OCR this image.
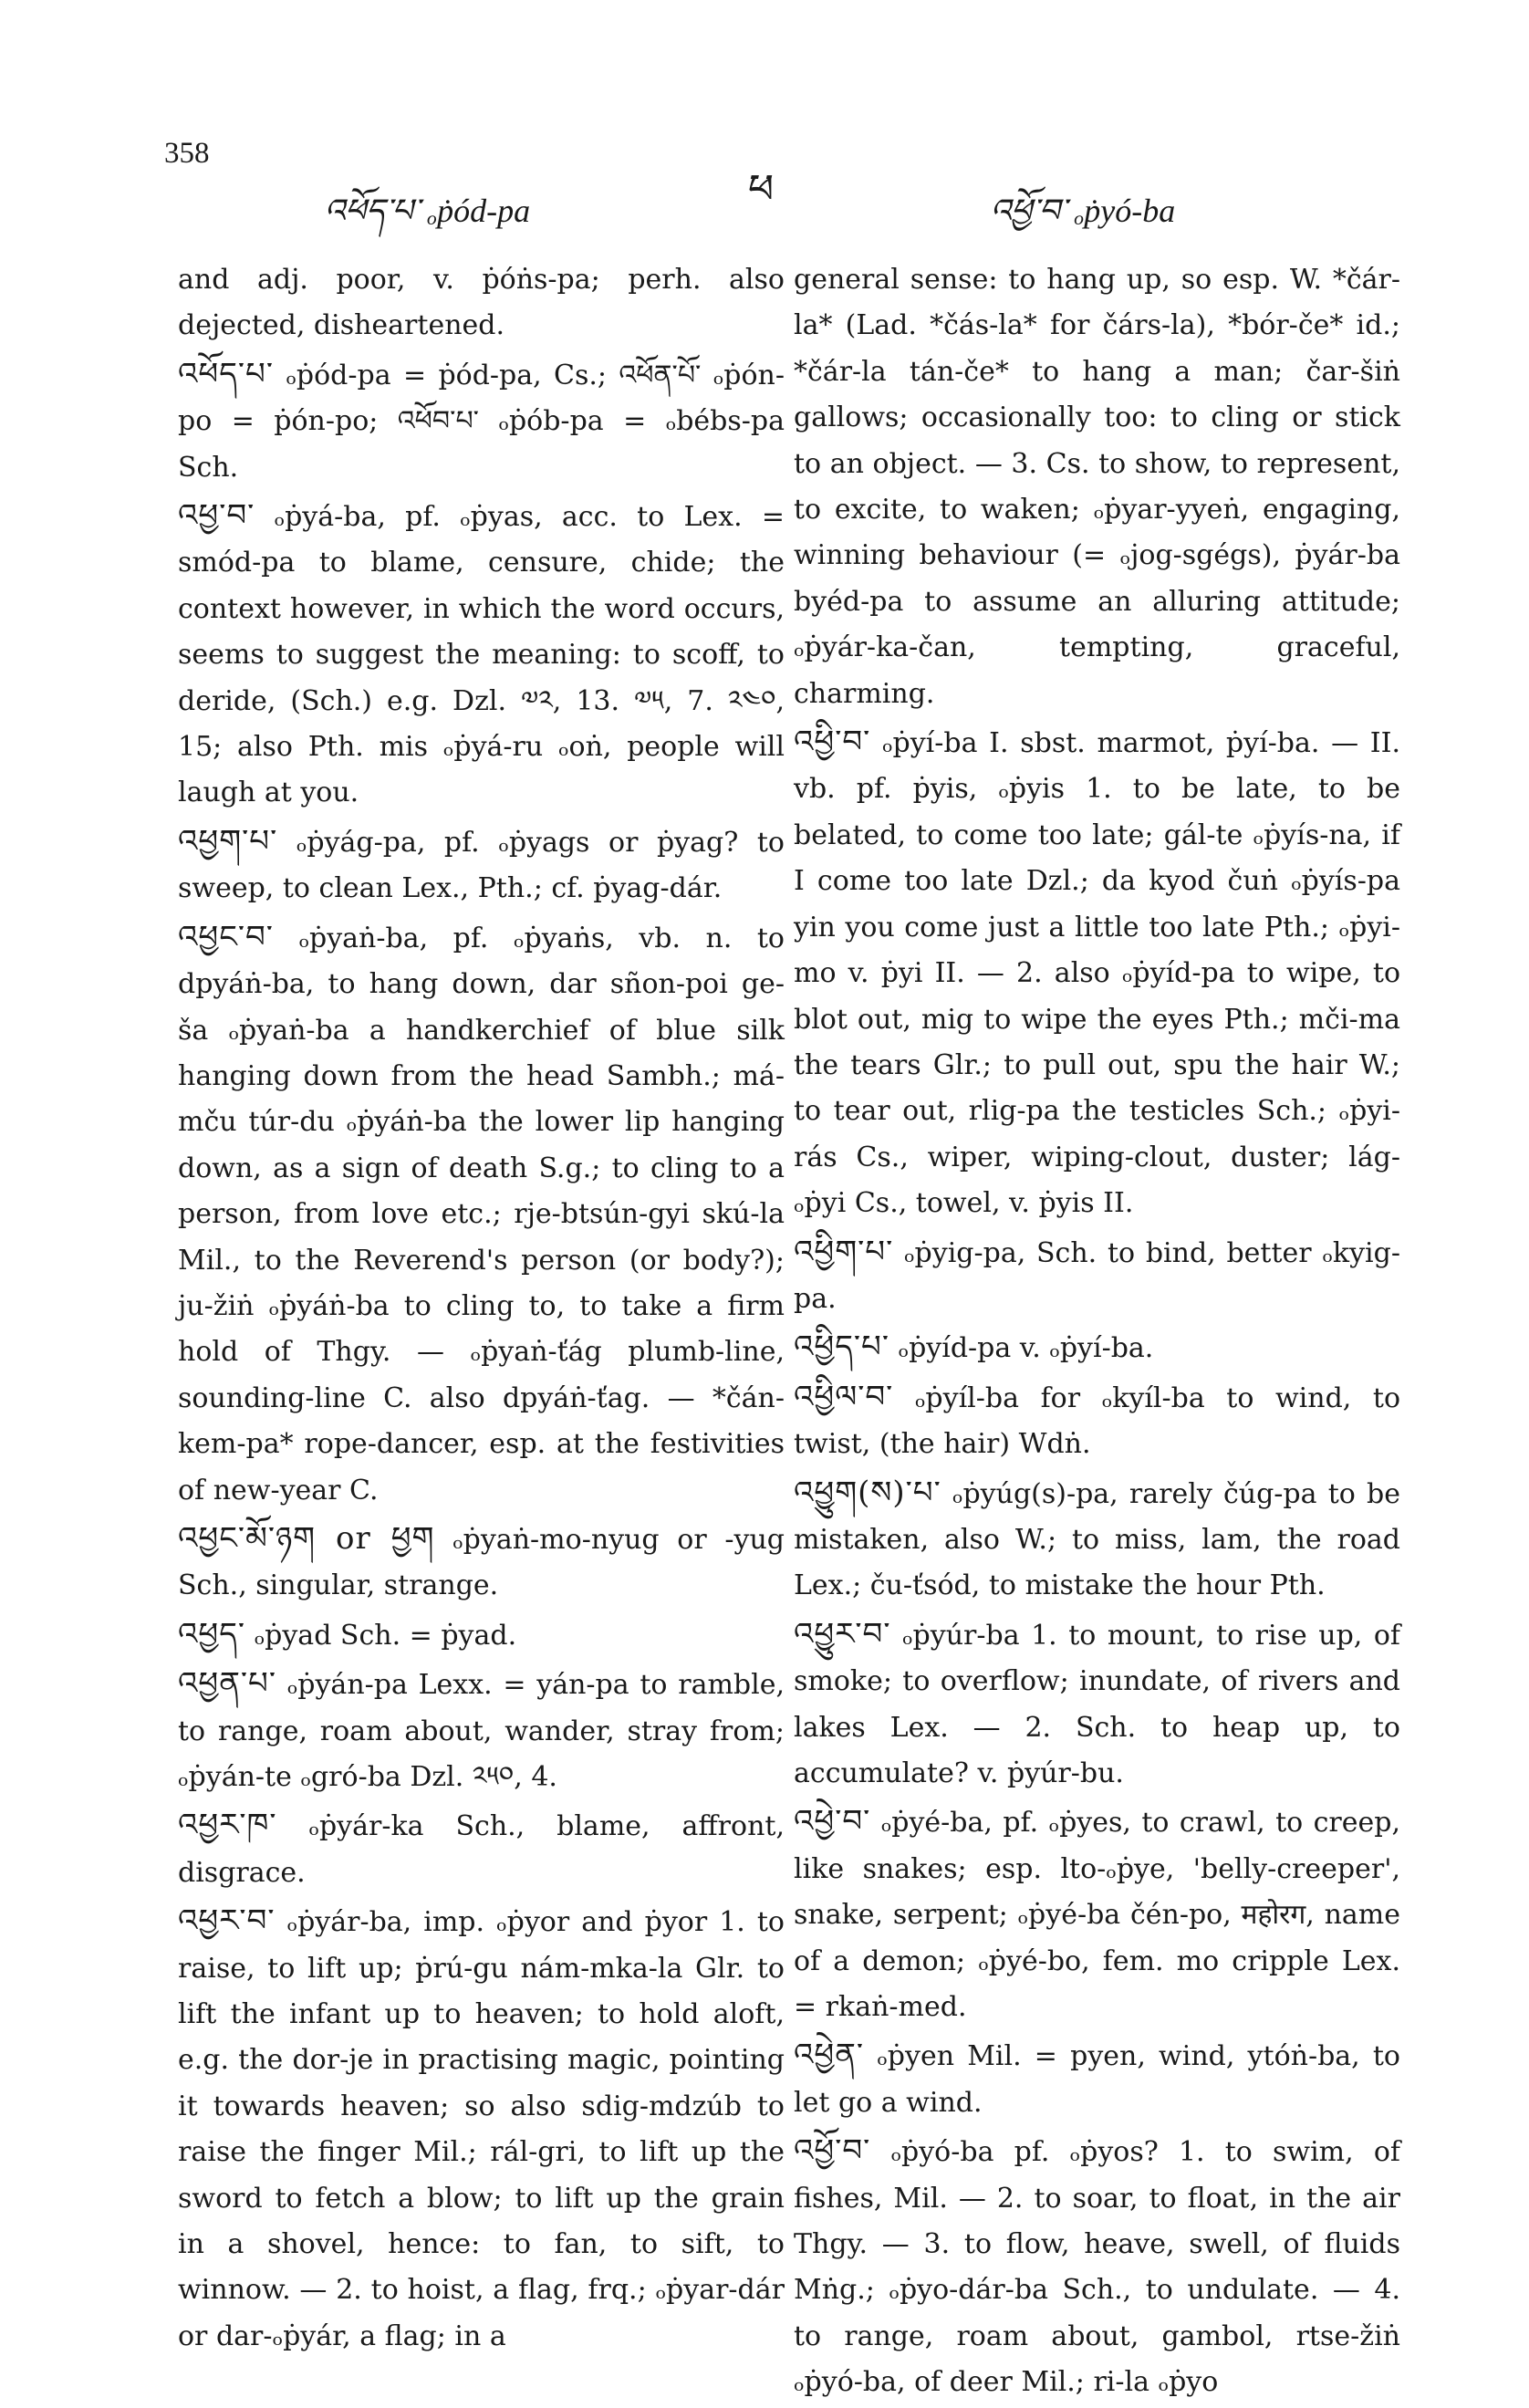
358
འཕོད་པ་ ₒṗód-pa	ཕ	འཕྱོ་བ་ ₒṗyó-ba

and adj. poor, v. ṗóṅs-pa; perh. also dejected, disheartened.

འཕོད་པ་ ₒṗód-pa = ṗód-pa, Cs.; འཕོན་པོ་ ₒṗón-po = ṗón-po; འཕོབ་པ་ ₒṗób-pa = ₒbébs-pa Sch.

འཕྱ་བ་ ₒṗyá-ba, pf. ₒṗyas, acc. to Lex. = smód-pa to blame, censure, chide; the context however, in which the word occurs, seems to suggest the meaning: to scoff, to deride, (Sch.) e.g. Dzl. ༧༢, 13. ༧༥, 7. ༢༤༠, 15; also Pth. mis ₒṗyá-ru ₒoṅ, people will laugh at you.

འཕྱག་པ་ ₒṗyág-pa, pf. ₒṗyags or ṗyag? to sweep, to clean Lex., Pth.; cf. ṗyag-dár.

འཕྱང་བ་ ₒṗyaṅ-ba, pf. ₒṗyaṅs, vb. n. to dpyáṅ-ba, to hang down, dar sñon-poi ge-ša ₒṗyaṅ-ba a handkerchief of blue silk hanging down from the head Sambh.; má-mču túr-du ₒṗyáṅ-ba the lower lip hanging down, as a sign of death S.g.; to cling to a person, from love etc.; rje-btsún-gyi skú-la Mil., to the Reverend's person (or body?); ju-žiṅ ₒṗyáṅ-ba to cling to, to take a firm hold of Thgy. — ₒṗyaṅ-ťág plumb-line, sounding-line C. also dpyáṅ-ťag. — *čán-kem-pa* rope-dancer, esp. at the festivities of new-year C.

འཕྱང་མོ་ཉག or ཕྱག ₒṗyaṅ-mo-nyug or -yug Sch., singular, strange.

འཕྱད་ ₒṗyad Sch. = ṗyad.

འཕྱན་པ་ ₒṗyán-pa Lexx. = yán-pa to ramble, to range, roam about, wander, stray from; ₒṗyán-te ₒgró-ba Dzl. ༢༥༠, 4.

འཕྱར་ཁ་ ₒṗyár-ka Sch., blame, affront, disgrace.

འཕྱར་བ་ ₒṗyár-ba, imp. ₒṗyor and ṗyor 1. to raise, to lift up; ṗrú-gu nám-mka-la Glr. to lift the infant up to heaven; to hold aloft, e.g. the dor-je in practising magic, pointing it towards heaven; so also sdig-mdzúb to raise the finger Mil.; rál-gri, to lift up the sword to fetch a blow; to lift up the grain in a shovel, hence: to fan, to sift, to winnow. — 2. to hoist, a flag, frq.; ₒṗyar-dár or dar-ₒṗyár, a flag; in a

general sense: to hang up, so esp. W. *čár-la* (Lad. *čás-la* for čárs-la), *bór-če* id.; *čár-la tán-če* to hang a man; čar-šiṅ gallows; occasionally too: to cling or stick to an object. — 3. Cs. to show, to represent, to excite, to waken; ₒṗyar-yyeṅ, engaging, winning behaviour (= ₒjog-sgégs), ṗyár-ba byéd-pa to assume an alluring attitude; ₒṗyár-ka-čan, tempting, graceful, charming.

འཕྱི་བ་ ₒṗyí-ba I. sbst. marmot, ṗyí-ba. — II. vb. pf. ṗyis, ₒṗyis 1. to be late, to be belated, to come too late; gál-te ₒṗyís-na, if I come too late Dzl.; da kyod čuṅ ₒṗyís-pa yin you come just a little too late Pth.; ₒṗyi-mo v. ṗyi II. — 2. also ₒṗyíd-pa to wipe, to blot out, mig to wipe the eyes Pth.; mči-ma the tears Glr.; to pull out, spu the hair W.; to tear out, rlig-pa the testicles Sch.; ₒṗyi-rás Cs., wiper, wiping-clout, duster; lág-ₒṗyi Cs., towel, v. ṗyis II.

འཕྱིག་པ་ ₒṗyig-pa, Sch. to bind, better ₒkyig-pa.

འཕྱིད་པ་ ₒṗyíd-pa v. ₒṗyí-ba.

འཕྱིལ་བ་ ₒṗyíl-ba for ₒkyíl-ba to wind, to twist, (the hair) Wdṅ.

འཕྱུག(ས)་པ་ ₒṗyúg(s)-pa, rarely čúg-pa to be mistaken, also W.; to miss, lam, the road Lex.; ču-ťsód, to mistake the hour Pth.

འཕྱུར་བ་ ₒṗyúr-ba 1. to mount, to rise up, of smoke; to overflow; inundate, of rivers and lakes Lex. — 2. Sch. to heap up, to accumulate? v. ṗyúr-bu.

འཕྱེ་བ་ ₒṗyé-ba, pf. ₒṗyes, to crawl, to creep, like snakes; esp. lto-ₒṗye, 'belly-creeper', snake, serpent; ₒṗyé-ba čén-po, महोरग, name of a demon; ₒṗyé-bo, fem. mo cripple Lex. = rkaṅ-med.

འཕྱེན་ ₒṗyen Mil. = pyen, wind, ytóṅ-ba, to let go a wind.

འཕྱོ་བ་ ₒṗyó-ba pf. ₒṗyos? 1. to swim, of fishes, Mil. — 2. to soar, to float, in the air Thgy. — 3. to flow, heave, swell, of fluids Mṅg.; ₒṗyo-dár-ba Sch., to undulate. — 4. to range, roam about, gambol, rtse-žiṅ ₒṗyó-ba, of deer Mil.; ri-la ₒṗyo
